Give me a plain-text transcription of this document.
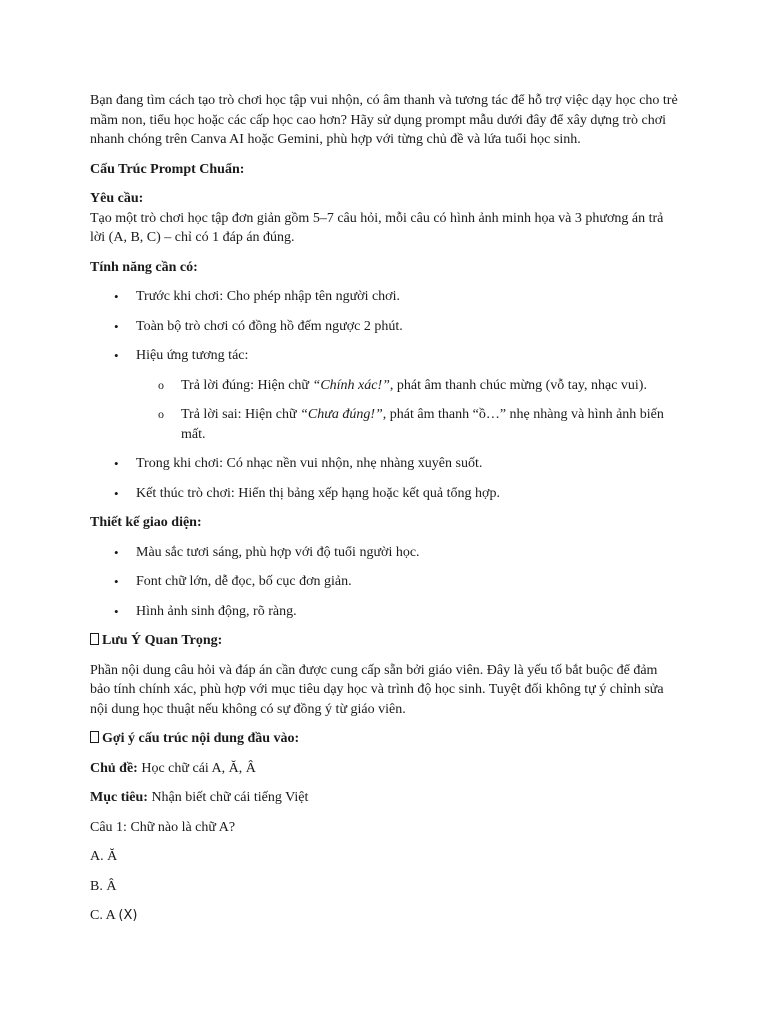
Bạn đang tìm cách tạo trò chơi học tập vui nhộn, có âm thanh và tương tác để hỗ trợ việc dạy học cho trẻ mầm non, tiểu học hoặc các cấp học cao hơn? Hãy sử dụng prompt mẫu dưới đây để xây dựng trò chơi nhanh chóng trên Canva AI hoặc Gemini, phù hợp với từng chủ đề và lứa tuổi học sinh.

Cấu Trúc Prompt Chuẩn:

Yêu cầu:

Tạo một trò chơi học tập đơn giản gồm 5–7 câu hỏi, mỗi câu có hình ảnh minh họa và 3 phương án trả lời (A, B, C) – chỉ có 1 đáp án đúng.

Tính năng cần có:

• Trước khi chơi: Cho phép nhập tên người chơi.
• Toàn bộ trò chơi có đồng hồ đếm ngược 2 phút.
• Hiệu ứng tương tác:
o Trả lời đúng: Hiện chữ “Chính xác!”, phát âm thanh chúc mừng (vỗ tay, nhạc vui).
o Trả lời sai: Hiện chữ “Chưa đúng!”, phát âm thanh “ồ…” nhẹ nhàng và hình ảnh biến mất.
• Trong khi chơi: Có nhạc nền vui nhộn, nhẹ nhàng xuyên suốt.
• Kết thúc trò chơi: Hiển thị bảng xếp hạng hoặc kết quả tổng hợp.

Thiết kế giao diện:

• Màu sắc tươi sáng, phù hợp với độ tuổi người học.
• Font chữ lớn, dễ đọc, bố cục đơn giản.
• Hình ảnh sinh động, rõ ràng.

Lưu Ý Quan Trọng:

Phần nội dung câu hỏi và đáp án cần được cung cấp sẵn bởi giáo viên. Đây là yếu tố bắt buộc để đảm bảo tính chính xác, phù hợp với mục tiêu dạy học và trình độ học sinh. Tuyệt đối không tự ý chỉnh sửa nội dung học thuật nếu không có sự đồng ý từ giáo viên.

Gợi ý cấu trúc nội dung đầu vào:

Chủ đề: Học chữ cái A, Ă, Â

Mục tiêu: Nhận biết chữ cái tiếng Việt

Câu 1: Chữ nào là chữ A?

A. Ă

B. Â

C. A (X)
